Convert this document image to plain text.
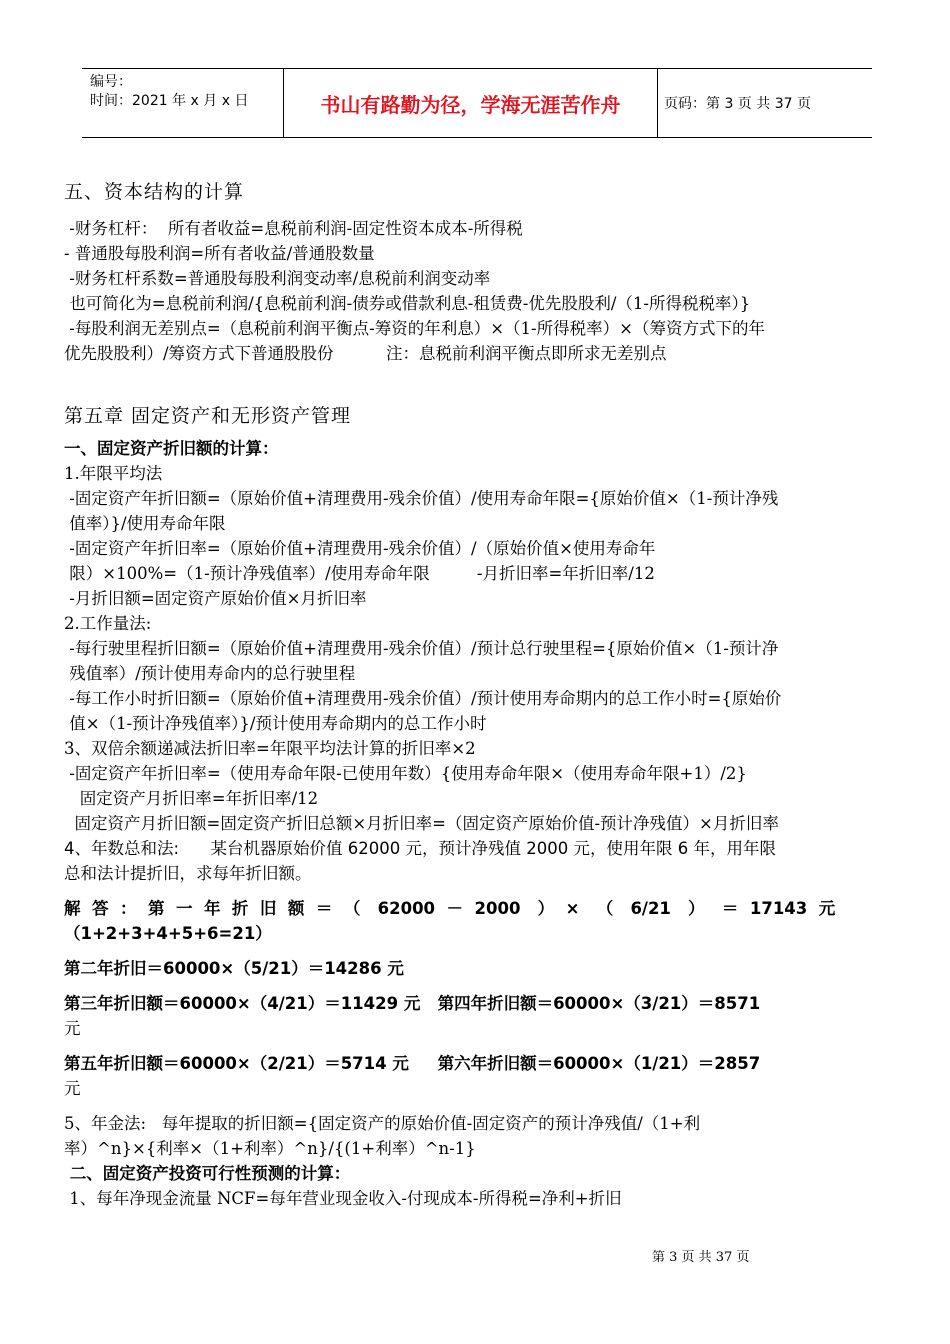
编号：
时间：2021 年 x 月 x 日	书山有路勤为径，学海无涯苦作舟	页码：第 3 页 共 37 页
五、资本结构的计算
-财务杠杆：  所有者收益=息税前利润-固定性资本成本-所得税
- 普通股每股利润=所有者收益/普通股数量
-财务杠杆系数=普通股每股利润变动率/息税前利润变动率
也可简化为=息税前利润/{息税前利润-债券或借款利息-租赁费-优先股股利/（1-所得税税率）}
-每股利润无差别点=（息税前利润平衡点-筹资的年利息）×（1-所得税率）×（筹资方式下的年
优先股股利）/筹资方式下普通股股份          注：息税前利润平衡点即所求无差别点
第五章 固定资产和无形资产管理
一、固定资产折旧额的计算：
1.年限平均法
-固定资产年折旧额=（原始价值+清理费用-残余价值）/使用寿命年限={原始价值×（1-预计净残
值率）}/使用寿命年限
-固定资产年折旧率=（原始价值+清理费用-残余价值）/（原始价值×使用寿命年
限）×100%=（1-预计净残值率）/使用寿命年限         -月折旧率=年折旧率/12
-月折旧额=固定资产原始价值×月折旧率
2.工作量法:
-每行驶里程折旧额=（原始价值+清理费用-残余价值）/预计总行驶里程={原始价值×（1-预计净
残值率）/预计使用寿命内的总行驶里程
-每工作小时折旧额=（原始价值+清理费用-残余价值）/预计使用寿命期内的总工作小时={原始价
值×（1-预计净残值率）}/预计使用寿命期内的总工作小时
3、双倍余额递减法折旧率=年限平均法计算的折旧率×2
-固定资产年折旧率=（使用寿命年限-已使用年数）{使用寿命年限×（使用寿命年限+1）/2}
固定资产月折旧率=年折旧率/12
固定资产月折旧额=固定资产折旧总额×月折旧率=（固定资产原始价值-预计净残值）×月折旧率
4、年数总和法:      某台机器原始价值 62000 元，预计净残值 2000 元，使用年限 6 年，用年限
总和法计提折旧，求每年折旧额。
解  答  ：  第  一  年  折  旧  额  ＝  （   62000  －  2000   ）  ×   （   6/21   ）   ＝  17143  元
（1+2+3+4+5+6=21）
第二年折旧＝60000×（5/21）＝14286 元
第三年折旧额＝60000×（4/21）＝11429 元   第四年折旧额＝60000×（3/21）＝8571
元
第五年折旧额＝60000×（2/21）＝5714 元     第六年折旧额＝60000×（1/21）＝2857
元
5、年金法:   每年提取的折旧额={固定资产的原始价值-固定资产的预计净残值/（1+利
率）^n}×{利率×（1+利率）^n}/{(1+利率）^n-1}
二、固定资产投资可行性预测的计算：
1、每年净现金流量 NCF=每年营业现金收入-付现成本-所得税=净利+折旧
第 3 页 共 37 页
